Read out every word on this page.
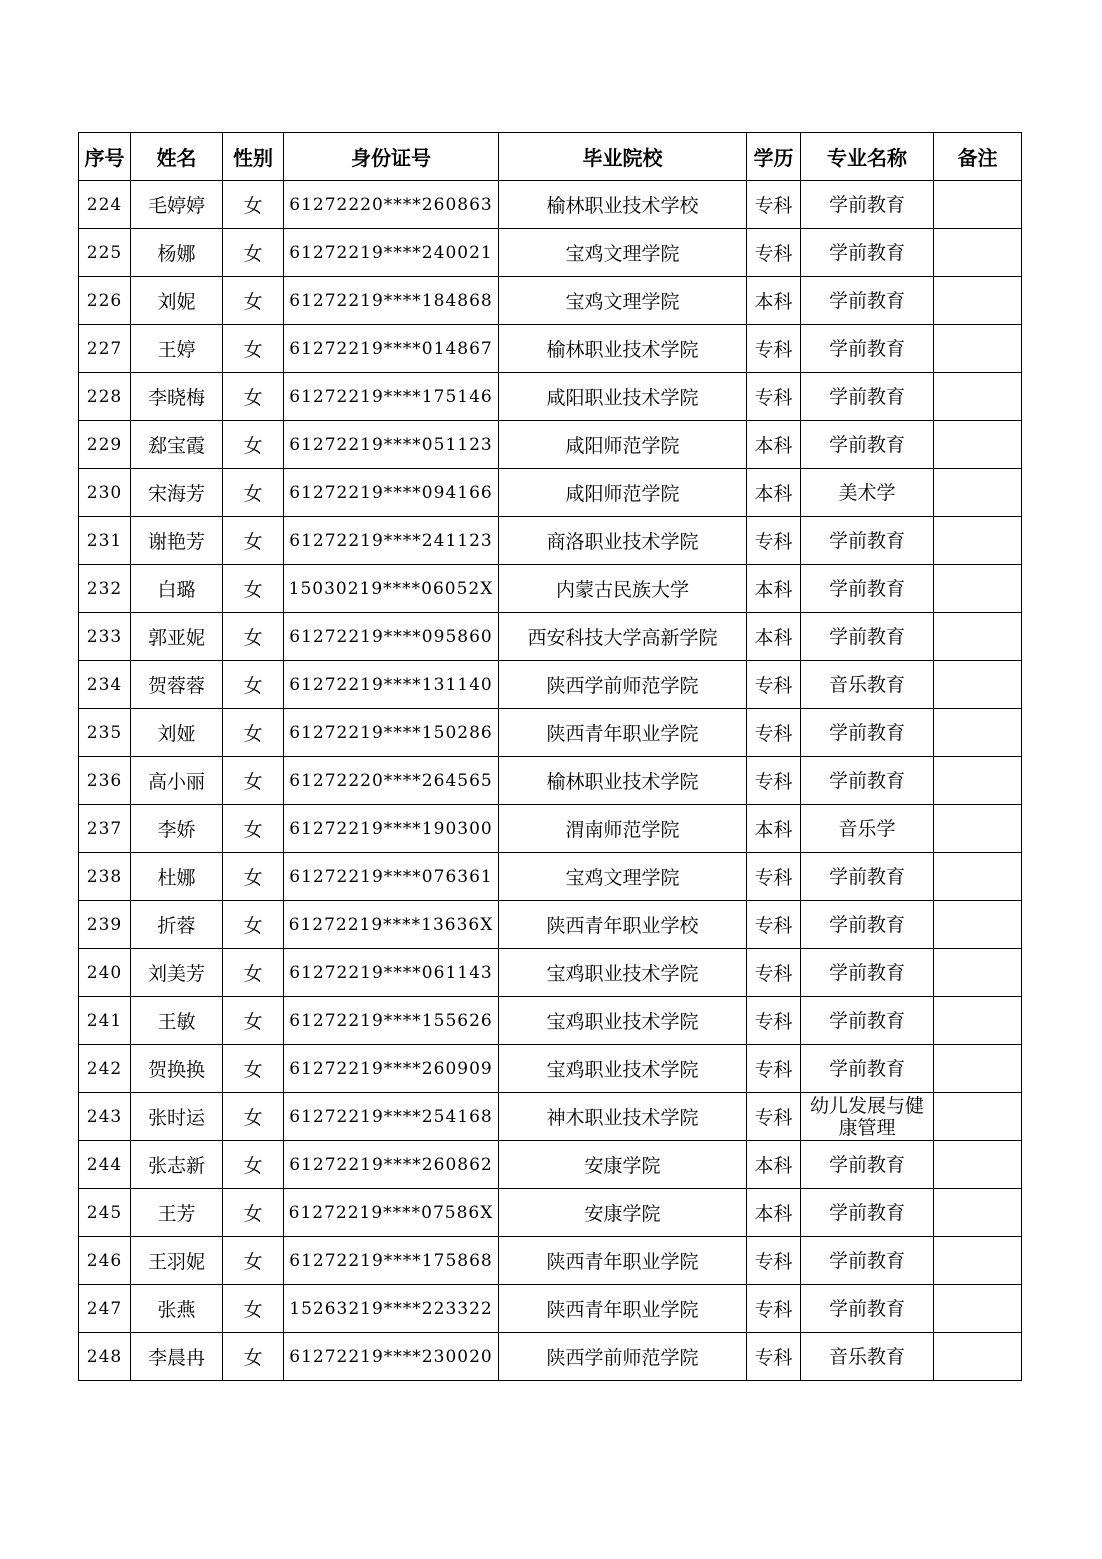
序号	姓名	性别	身份证号	毕业院校	学历	专业名称	备注
224	毛婷婷	女	61272220****260863	榆林职业技术学校	专科	学前教育	
225	杨娜	女	61272219****240021	宝鸡文理学院	专科	学前教育	
226	刘妮	女	61272219****184868	宝鸡文理学院	本科	学前教育	
227	王婷	女	61272219****014867	榆林职业技术学院	专科	学前教育	
228	李晓梅	女	61272219****175146	咸阳职业技术学院	专科	学前教育	
229	郄宝霞	女	61272219****051123	咸阳师范学院	本科	学前教育	
230	宋海芳	女	61272219****094166	咸阳师范学院	本科	美术学	
231	谢艳芳	女	61272219****241123	商洛职业技术学院	专科	学前教育	
232	白璐	女	15030219****06052X	内蒙古民族大学	本科	学前教育	
233	郭亚妮	女	61272219****095860	西安科技大学高新学院	本科	学前教育	
234	贺蓉蓉	女	61272219****131140	陕西学前师范学院	专科	音乐教育	
235	刘娅	女	61272219****150286	陕西青年职业学院	专科	学前教育	
236	高小丽	女	61272220****264565	榆林职业技术学院	专科	学前教育	
237	李娇	女	61272219****190300	渭南师范学院	本科	音乐学	
238	杜娜	女	61272219****076361	宝鸡文理学院	专科	学前教育	
239	折蓉	女	61272219****13636X	陕西青年职业学校	专科	学前教育	
240	刘美芳	女	61272219****061143	宝鸡职业技术学院	专科	学前教育	
241	王敏	女	61272219****155626	宝鸡职业技术学院	专科	学前教育	
242	贺换换	女	61272219****260909	宝鸡职业技术学院	专科	学前教育	
243	张时运	女	61272219****254168	神木职业技术学院	专科	幼儿发展与健康管理	
244	张志新	女	61272219****260862	安康学院	本科	学前教育	
245	王芳	女	61272219****07586X	安康学院	本科	学前教育	
246	王羽妮	女	61272219****175868	陕西青年职业学院	专科	学前教育	
247	张燕	女	15263219****223322	陕西青年职业学院	专科	学前教育	
248	李晨冉	女	61272219****230020	陕西学前师范学院	专科	音乐教育	
